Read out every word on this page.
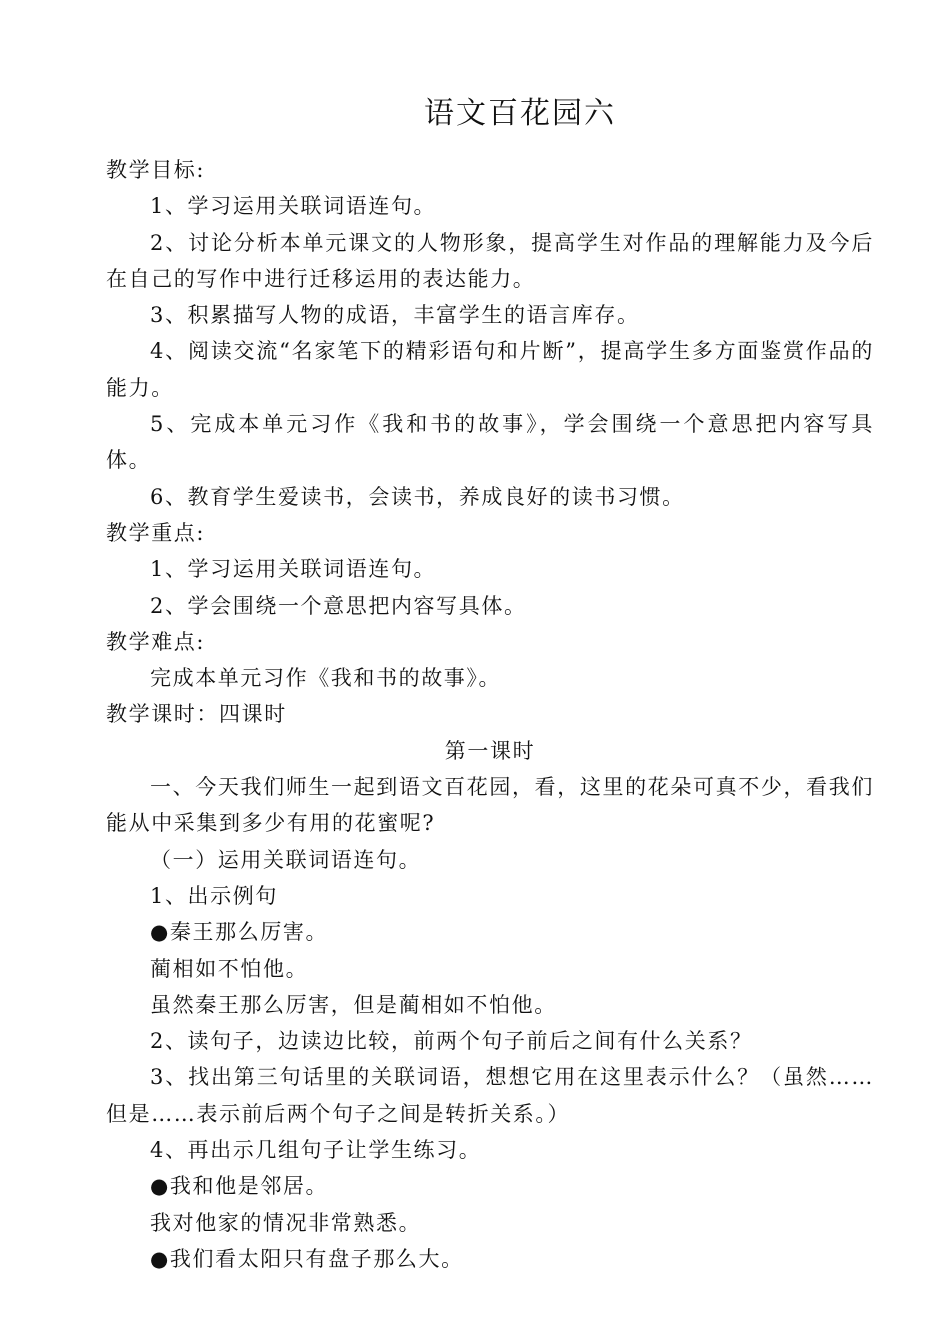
语文百花园六
教学目标:
1、学习运用关联词语连句。
2、讨论分析本单元课文的人物形象，提高学生对作品的理解能力及今后在自己的写作中进行迁移运用的表达能力。
3、积累描写人物的成语，丰富学生的语言库存。
4、阅读交流“名家笔下的精彩语句和片断”，提高学生多方面鉴赏作品的能力。
5、完成本单元习作《我和书的故事》，学会围绕一个意思把内容写具体。
6、教育学生爱读书，会读书，养成良好的读书习惯。
教学重点:
1、学习运用关联词语连句。
2、学会围绕一个意思把内容写具体。
教学难点:
完成本单元习作《我和书的故事》。
教学课时：四课时
第一课时
一、今天我们师生一起到语文百花园，看，这里的花朵可真不少，看我们能从中采集到多少有用的花蜜呢?
（一）运用关联词语连句。
1、出示例句
●秦王那么厉害。
蔺相如不怕他。
虽然秦王那么厉害，但是蔺相如不怕他。
2、读句子，边读边比较，前两个句子前后之间有什么关系？
3、找出第三句话里的关联词语，想想它用在这里表示什么？（虽然……但是……表示前后两个句子之间是转折关系。）
4、再出示几组句子让学生练习。
●我和他是邻居。
我对他家的情况非常熟悉。
●我们看太阳只有盘子那么大。
